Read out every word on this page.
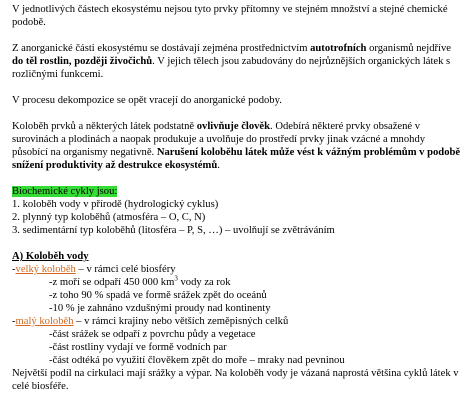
V jednotlivých částech ekosystému nejsou tyto prvky přítomny ve stejném množství a stejné chemické podobě.

Z anorganické části ekosystému se dostávají zejména prostřednictvím autotrofních organismů nejdříve do těl rostlin, později živočichů. V jejich tělech jsou zabudovány do nejrůznějších organických látek s rozličnými funkcemi.

V procesu dekompozice se opět vracejí do anorganické podoby.

Koloběh prvků a některých látek podstatně ovlivňuje člověk. Odebírá některé prvky obsažené v surovinách a plodinách a naopak produkuje a uvolňuje do prostředí prvky jinak vzácné a mnohdy působící na organismy negativně. Narušení koloběhu látek může vést k vážným problémům v podobě snížení produktivity až destrukce ekosystémů.

Biochemické cykly jsou:

1. koloběh vody v přírodě (hydrologický cyklus)

2. plynný typ koloběhů (atmosféra – O, C, N)

3. sedimentární typ koloběhů (litosféra – P, S, …) – uvolňují se zvětráváním

A) Koloběh vody

-velký koloběh – v rámci celé biosféry

-z moří se odpaří 450 000 $km^3$ vody za rok

-z toho 90 % spadá ve formě srážek zpět do oceánů

-10 % je zahnáno vzdušnými proudy nad kontinenty

-malý koloběh – v rámci krajiny nebo větších zeměpisných celků

-část srážek se odpaří z povrchu půdy a vegetace

-část rostliny vydají ve formě vodních par

-část odtéká po využití člověkem zpět do moře – mraky nad pevninou

Největší podíl na cirkulaci mají srážky a výpar. Na koloběh vody je vázaná naprostá většina cyklů látek v celé biosféře.
